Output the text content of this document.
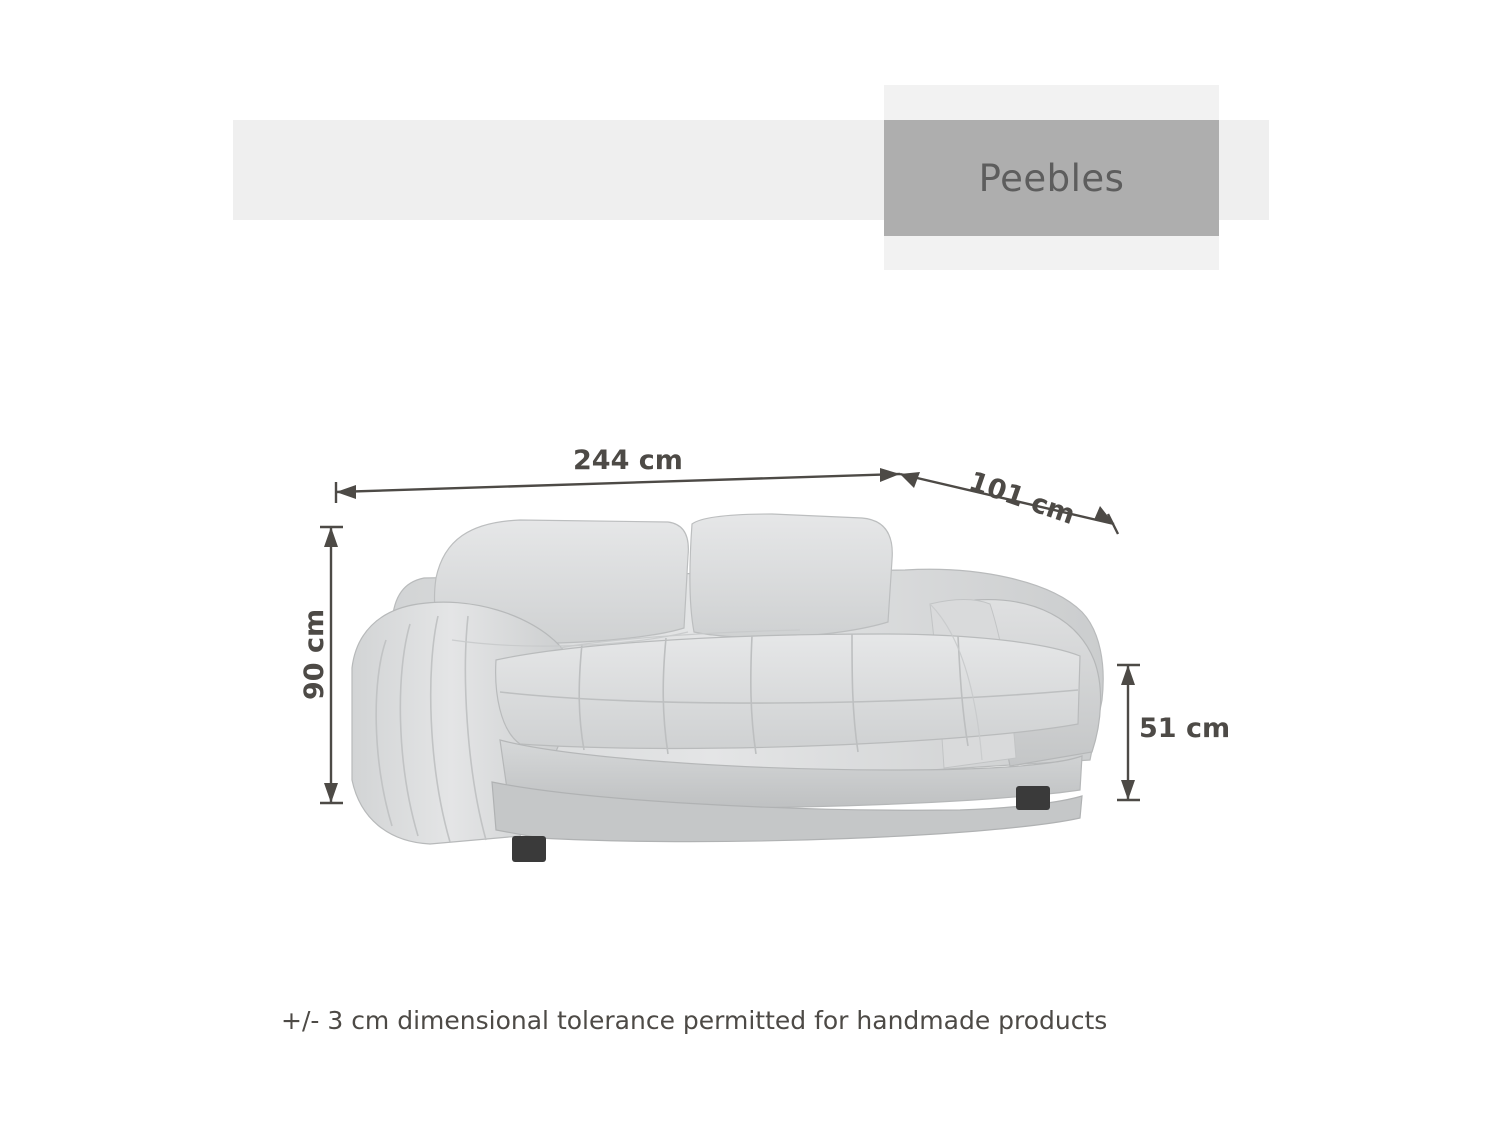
Peebles
244 cm
101 cm
90 cm
51 cm
+/- 3 cm dimensional tolerance permitted for handmade products
